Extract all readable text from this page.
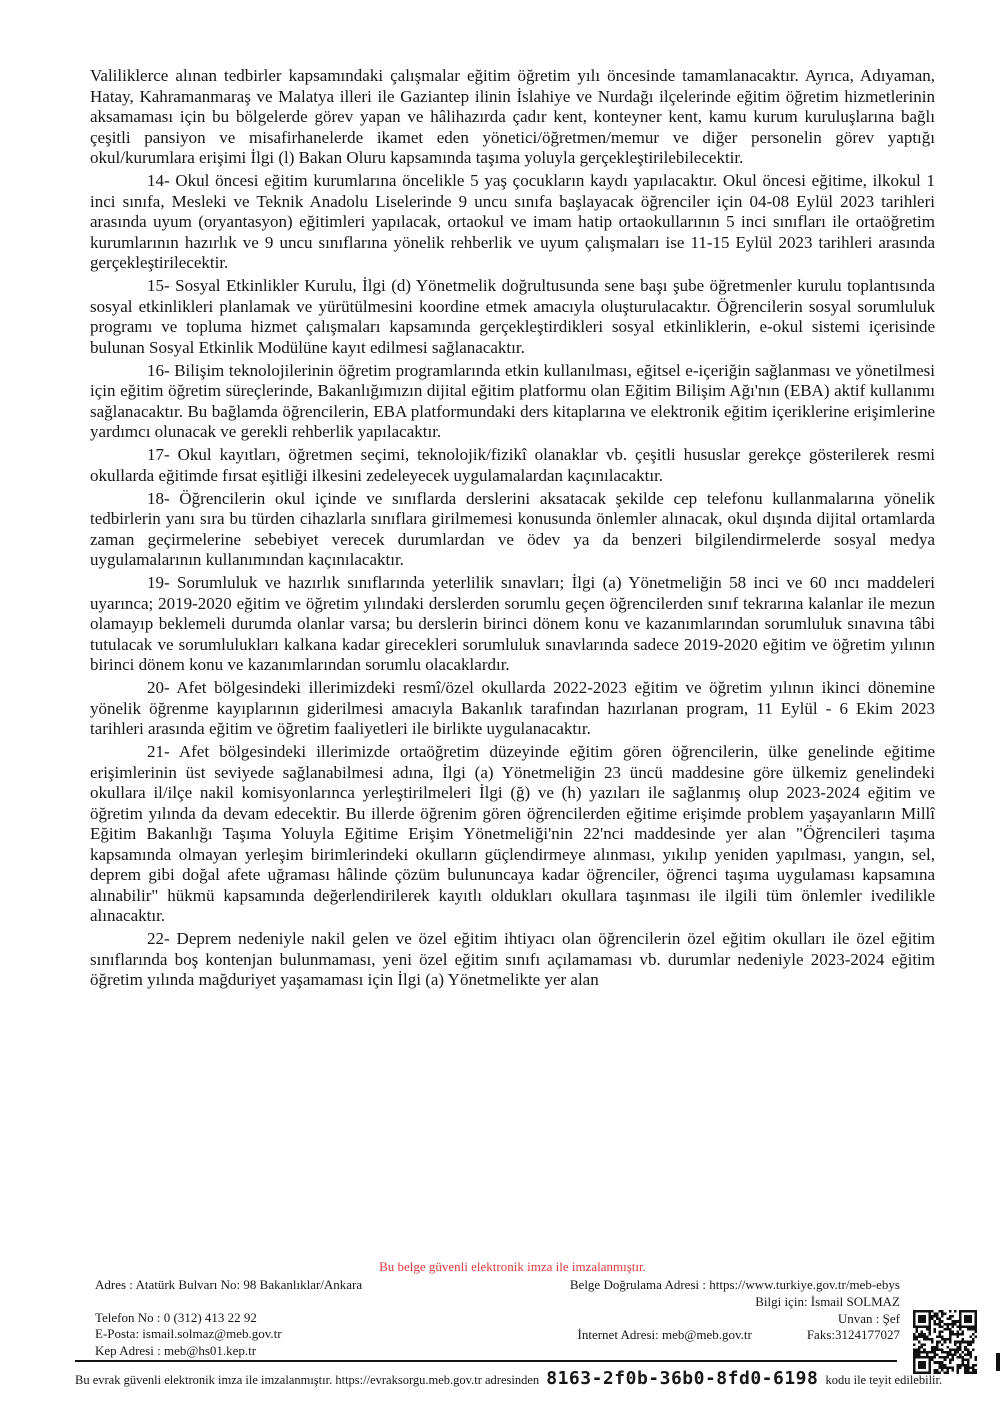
Valiliklerce alınan tedbirler kapsamındaki çalışmalar eğitim öğretim yılı öncesinde tamamlanacaktır. Ayrıca, Adıyaman, Hatay, Kahramanmaraş ve Malatya illeri ile Gaziantep ilinin İslahiye ve Nurdağı ilçelerinde eğitim öğretim hizmetlerinin aksamaması için bu bölgelerde görev yapan ve hâlihazırda çadır kent, konteyner kent, kamu kurum kuruluşlarına bağlı çeşitli pansiyon ve misafirhanelerde ikamet eden yönetici/öğretmen/memur ve diğer personelin görev yaptığı okul/kurumlara erişimi İlgi (l) Bakan Oluru kapsamında taşıma yoluyla gerçekleştirilebilecektir.

14- Okul öncesi eğitim kurumlarına öncelikle 5 yaş çocukların kaydı yapılacaktır. Okul öncesi eğitime, ilkokul 1 inci sınıfa, Mesleki ve Teknik Anadolu Liselerinde 9 uncu sınıfa başlayacak öğrenciler için 04-08 Eylül 2023 tarihleri arasında uyum (oryantasyon) eğitimleri yapılacak, ortaokul ve imam hatip ortaokullarının 5 inci sınıfları ile ortaöğretim kurumlarının hazırlık ve 9 uncu sınıflarına yönelik rehberlik ve uyum çalışmaları ise 11-15 Eylül 2023 tarihleri arasında gerçekleştirilecektir.

15- Sosyal Etkinlikler Kurulu, İlgi (d) Yönetmelik doğrultusunda sene başı şube öğretmenler kurulu toplantısında sosyal etkinlikleri planlamak ve yürütülmesini koordine etmek amacıyla oluşturulacaktır. Öğrencilerin sosyal sorumluluk programı ve topluma hizmet çalışmaları kapsamında gerçekleştirdikleri sosyal etkinliklerin, e-okul sistemi içerisinde bulunan Sosyal Etkinlik Modülüne kayıt edilmesi sağlanacaktır.

16- Bilişim teknolojilerinin öğretim programlarında etkin kullanılması, eğitsel e-içeriğin sağlanması ve yönetilmesi için eğitim öğretim süreçlerinde, Bakanlığımızın dijital eğitim platformu olan Eğitim Bilişim Ağı'nın (EBA) aktif kullanımı sağlanacaktır. Bu bağlamda öğrencilerin, EBA platformundaki ders kitaplarına ve elektronik eğitim içeriklerine erişimlerine yardımcı olunacak ve gerekli rehberlik yapılacaktır.

17- Okul kayıtları, öğretmen seçimi, teknolojik/fizikî olanaklar vb. çeşitli hususlar gerekçe gösterilerek resmi okullarda eğitimde fırsat eşitliği ilkesini zedeleyecek uygulamalardan kaçınılacaktır.

18- Öğrencilerin okul içinde ve sınıflarda derslerini aksatacak şekilde cep telefonu kullanmalarına yönelik tedbirlerin yanı sıra bu türden cihazlarla sınıflara girilmemesi konusunda önlemler alınacak, okul dışında dijital ortamlarda zaman geçirmelerine sebebiyet verecek durumlardan ve ödev ya da benzeri bilgilendirmelerde sosyal medya uygulamalarının kullanımından kaçınılacaktır.

19- Sorumluluk ve hazırlık sınıflarında yeterlilik sınavları; İlgi (a) Yönetmeliğin 58 inci ve 60 ıncı maddeleri uyarınca; 2019-2020 eğitim ve öğretim yılındaki derslerden sorumlu geçen öğrencilerden sınıf tekrarına kalanlar ile mezun olamayıp beklemeli durumda olanlar varsa; bu derslerin birinci dönem konu ve kazanımlarından sorumluluk sınavına tâbi tutulacak ve sorumlulukları kalkana kadar girecekleri sorumluluk sınavlarında sadece 2019-2020 eğitim ve öğretim yılının birinci dönem konu ve kazanımlarından sorumlu olacaklardır.

20- Afet bölgesindeki illerimizdeki resmî/özel okullarda 2022-2023 eğitim ve öğretim yılının ikinci dönemine yönelik öğrenme kayıplarının giderilmesi amacıyla Bakanlık tarafından hazırlanan program, 11 Eylül - 6 Ekim 2023 tarihleri arasında eğitim ve öğretim faaliyetleri ile birlikte uygulanacaktır.

21- Afet bölgesindeki illerimizde ortaöğretim düzeyinde eğitim gören öğrencilerin, ülke genelinde eğitime erişimlerinin üst seviyede sağlanabilmesi adına, İlgi (a) Yönetmeliğin 23 üncü maddesine göre ülkemiz genelindeki okullara il/ilçe nakil komisyonlarınca yerleştirilmeleri İlgi (ğ) ve (h) yazıları ile sağlanmış olup 2023-2024 eğitim ve öğretim yılında da devam edecektir. Bu illerde öğrenim gören öğrencilerden eğitime erişimde problem yaşayanların Millî Eğitim Bakanlığı Taşıma Yoluyla Eğitime Erişim Yönetmeliği'nin 22'nci maddesinde yer alan "Öğrencileri taşıma kapsamında olmayan yerleşim birimlerindeki okulların güçlendirmeye alınması, yıkılıp yeniden yapılması, yangın, sel, deprem gibi doğal afete uğraması hâlinde çözüm bulununcaya kadar öğrenciler, öğrenci taşıma uygulaması kapsamına alınabilir" hükmü kapsamında değerlendirilerek kayıtlı oldukları okullara taşınması ile ilgili tüm önlemler ivedilikle alınacaktır.

22- Deprem nedeniyle nakil gelen ve özel eğitim ihtiyacı olan öğrencilerin özel eğitim okulları ile özel eğitim sınıflarında boş kontenjan bulunmaması, yeni özel eğitim sınıfı açılamaması vb. durumlar nedeniyle 2023-2024 eğitim öğretim yılında mağduriyet yaşamaması için İlgi (a) Yönetmelikte yer alan

Bu belge güvenli elektronik imza ile imzalanmıştır.
Adres : Atatürk Bulvarı No: 98 Bakanlıklar/Ankara
Telefon No : 0 (312) 413 22 92
E-Posta: ismail.solmaz@meb.gov.tr
Kep Adresi : meb@hs01.kep.tr
Belge Doğrulama Adresi : https://www.turkiye.gov.tr/meb-ebys
Bilgi için: İsmail SOLMAZ
Unvan : Şef
İnternet Adresi: meb@meb.gov.tr	Faks:3124177027
Bu evrak güvenli elektronik imza ile imzalanmıştır. https://evraksorgu.meb.gov.tr adresinden 8163-2f0b-36b0-8fd0-6198 kodu ile teyit edilebilir.
